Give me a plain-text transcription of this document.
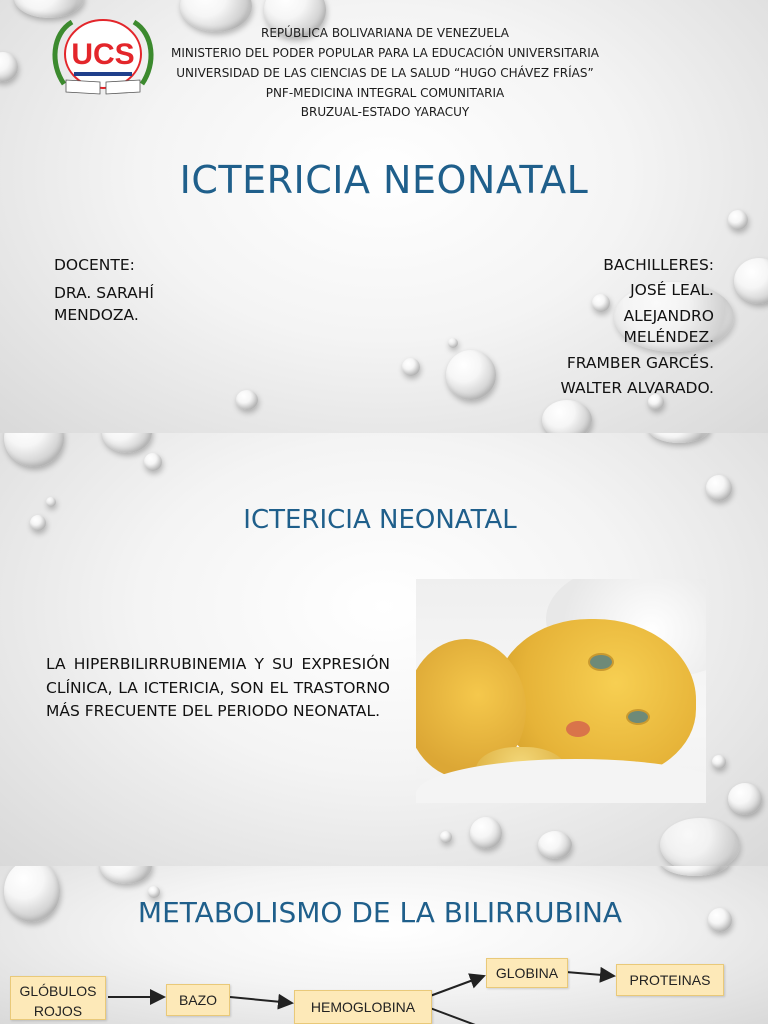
UCS
REPÚBLICA BOLIVARIANA DE VENEZUELA
MINISTERIO DEL PODER POPULAR PARA LA EDUCACIÓN UNIVERSITARIA
UNIVERSIDAD DE LAS CIENCIAS DE LA SALUD “HUGO CHÁVEZ FRÍAS”
PNF-MEDICINA INTEGRAL COMUNITARIA
BRUZUAL-ESTADO YARACUY
ICTERICIA NEONATAL
DOCENTE:
DRA. SARAHÍ
MENDOZA.
BACHILLERES:
JOSÉ LEAL.
ALEJANDRO
MELÉNDEZ.
FRAMBER GARCÉS.
WALTER ALVARADO.
ICTERICIA NEONATAL
LA HIPERBILIRRUBINEMIA Y SU EXPRESIÓN CLÍNICA, LA ICTERICIA, SON EL TRASTORNO MÁS FRECUENTE DEL PERIODO NEONATAL.
METABOLISMO DE LA BILIRRUBINA
GLÓBULOS ROJOS
BAZO	HEMOGLOBINA
GLOBINA	PROTEINAS
